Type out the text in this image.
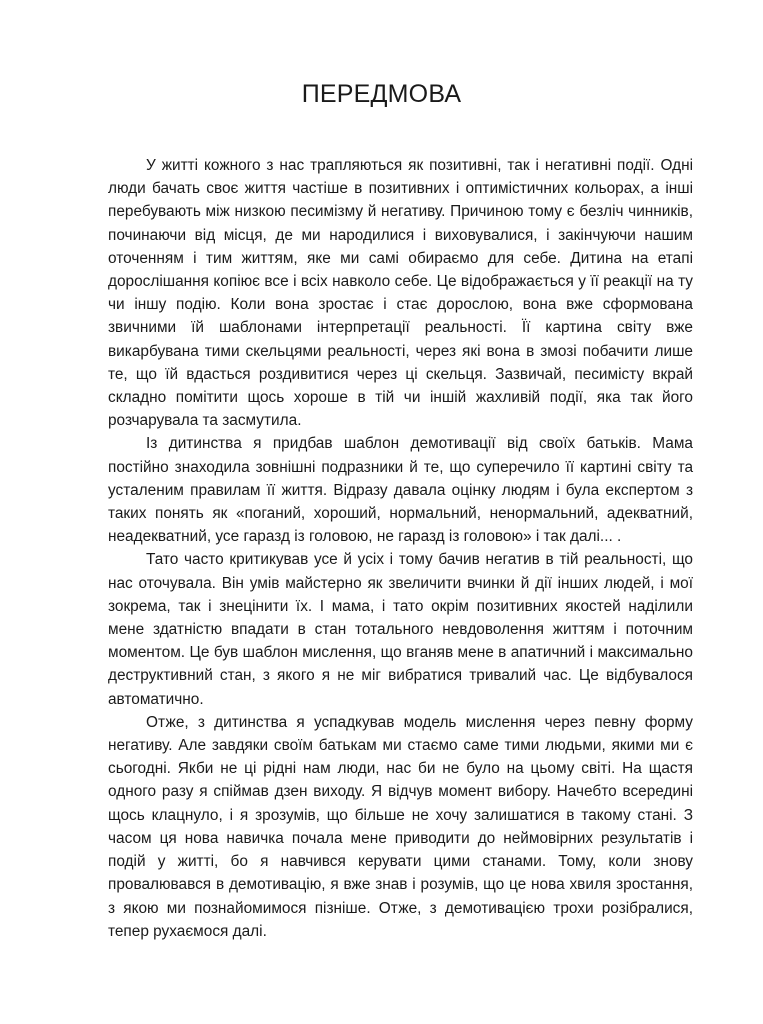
ПЕРЕДМОВА

У житті кожного з нас трапляються як позитивні, так і негативні події. Одні люди бачать своє життя частіше в позитивних і оптимістичних кольорах, а інші перебувають між низкою песимізму й негативу. Причиною тому є безліч чинників, починаючи від місця, де ми народилися і виховувалися, і закінчуючи нашим оточенням і тим життям, яке ми самі обираємо для себе. Дитина на етапі дорослішання копіює все і всіх навколо себе. Це відображається у її реакції на ту чи іншу подію. Коли вона зростає і стає дорослою, вона вже сформована звичними їй шаблонами інтерпретації реальності. Її картина світу вже викарбувана тими скельцями реальності, через які вона в змозі побачити лише те, що їй вдасться роздивитися через ці скельця. Зазвичай, песимісту вкрай складно помітити щось хороше в тій чи іншій жахливій події, яка так його розчарувала та засмутила.

Із дитинства я придбав шаблон демотивації від своїх батьків. Мама постійно знаходила зовнішні подразники й те, що суперечило її картині світу та усталеним правилам її життя. Відразу давала оцінку людям і була експертом з таких понять як «поганий, хороший, нормальний, ненормальний, адекватний, неадекватний, усе гаразд із головою, не гаразд із головою» і так далі... .

Тато часто критикував усе й усіх і тому бачив негатив в тій реальності, що нас оточувала. Він умів майстерно як звеличити вчинки й дії інших людей, і мої зокрема, так і знецінити їх. І мама, і тато окрім позитивних якостей наділили мене здатністю впадати в стан тотального невдоволення життям і поточним моментом. Це був шаблон мислення, що вганяв мене в апатичний і максимально деструктивний стан, з якого я не міг вибратися тривалий час. Це відбувалося автоматично.

Отже, з дитинства я успадкував модель мислення через певну форму негативу. Але завдяки своїм батькам ми стаємо саме тими людьми, якими ми є сьогодні. Якби не ці рідні нам люди, нас би не було на цьому світі. На щастя одного разу я спіймав дзен виходу. Я відчув момент вибору. Начебто всередині щось клацнуло, і я зрозумів, що більше не хочу залишатися в такому стані. З часом ця нова навичка почала мене приводити до неймовірних результатів і подій у житті, бо я навчився керувати цими станами. Тому, коли знову провалювався в демотивацію, я вже знав і розумів, що це нова хвиля зростання, з якою ми познайомимося пізніше. Отже, з демотивацією трохи розібралися, тепер рухаємося далі.
